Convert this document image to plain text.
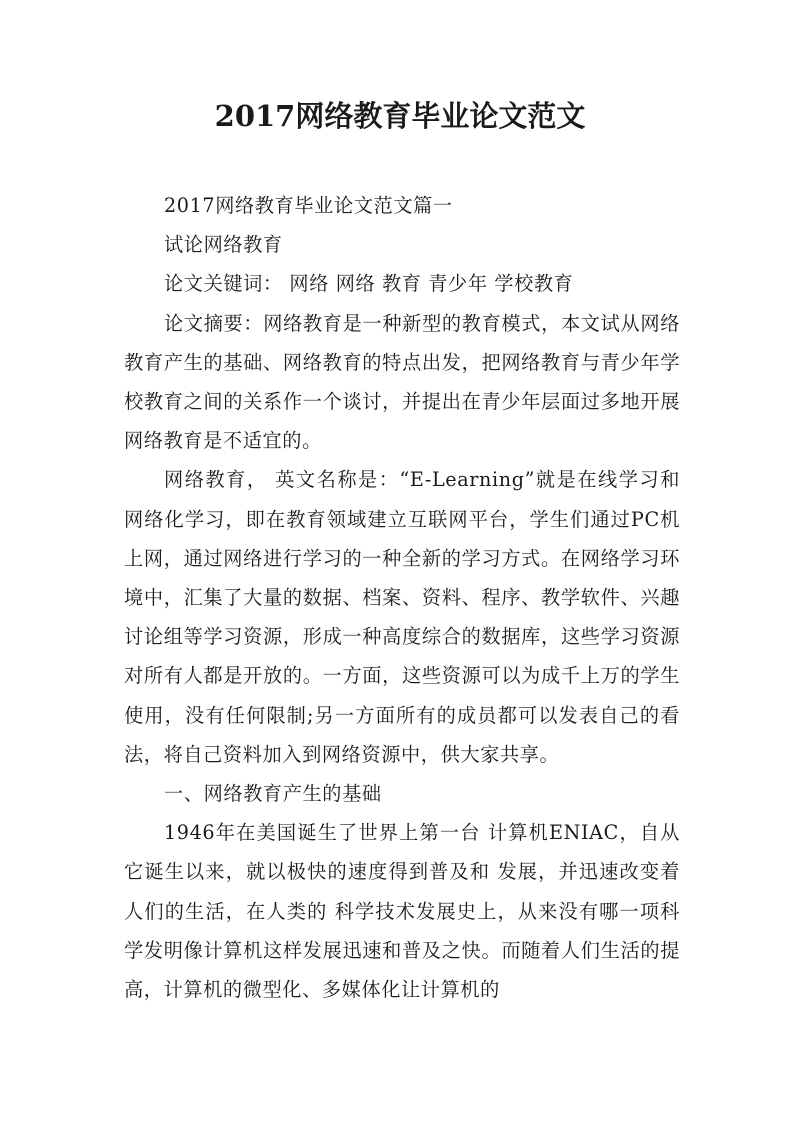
2017网络教育毕业论文范文

2017网络教育毕业论文范文篇一

试论网络教育

论文关键词： 网络 网络 教育 青少年 学校教育

论文摘要：网络教育是一种新型的教育模式，本文试从网络教育产生的基础、网络教育的特点出发，把网络教育与青少年学校教育之间的关系作一个谈讨，并提出在青少年层面过多地开展网络教育是不适宜的。

网络教育， 英文名称是：“E-Learning”就是在线学习和网络化学习，即在教育领域建立互联网平台，学生们通过PC机上网，通过网络进行学习的一种全新的学习方式。在网络学习环境中，汇集了大量的数据、档案、资料、程序、教学软件、兴趣讨论组等学习资源，形成一种高度综合的数据库，这些学习资源对所有人都是开放的。一方面，这些资源可以为成千上万的学生使用，没有任何限制;另一方面所有的成员都可以发表自己的看法，将自己资料加入到网络资源中，供大家共享。

一、网络教育产生的基础

1946年在美国诞生了世界上第一台 计算机ENIAC，自从它诞生以来，就以极快的速度得到普及和 发展，并迅速改变着人们的生活，在人类的 科学技术发展史上，从来没有哪一项科学发明像计算机这样发展迅速和普及之快。而随着人们生活的提高，计算机的微型化、多媒体化让计算机的
